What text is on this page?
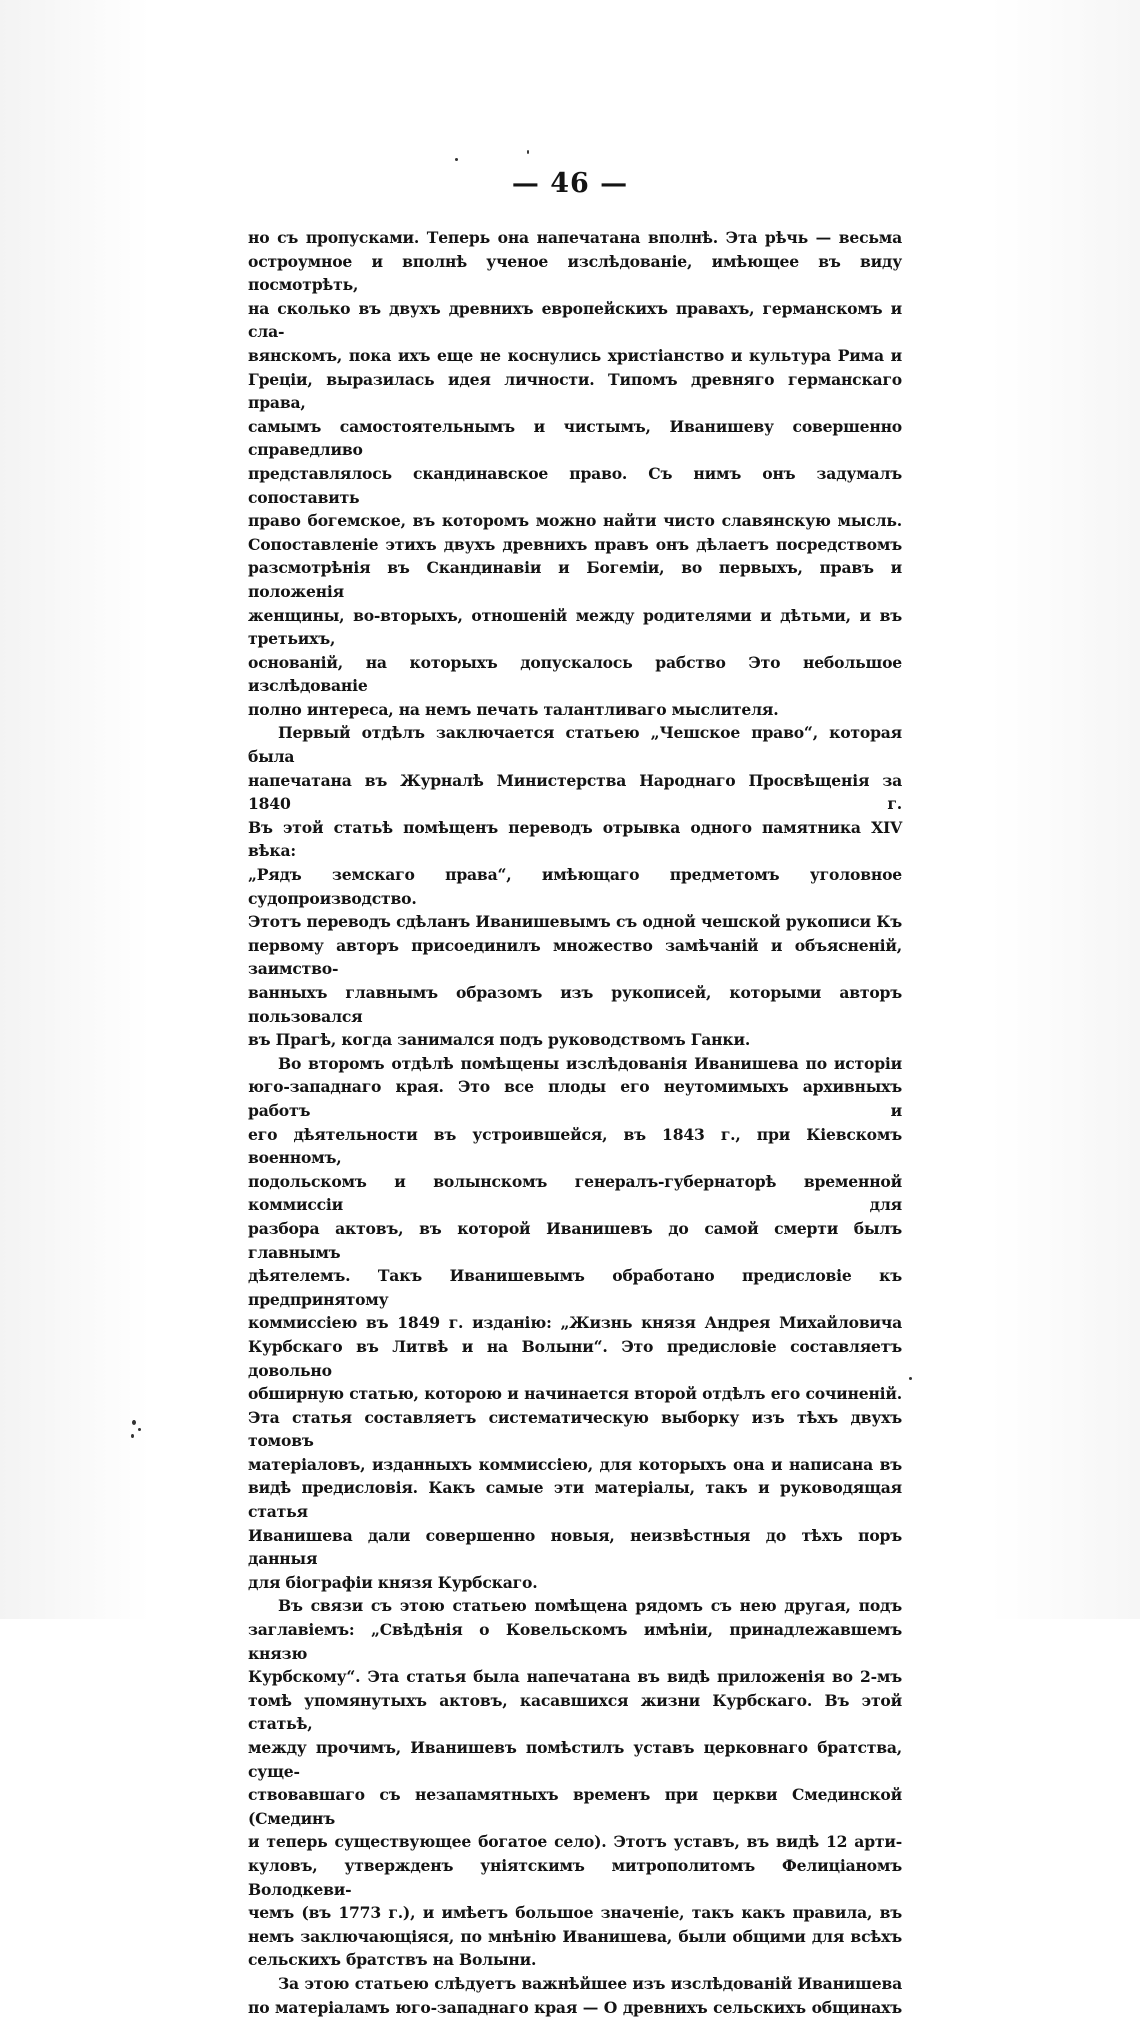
— 46 —

но съ пропусками. Теперь она напечатана вполнѣ. Эта рѣчь — весьма

остроумное и вполнѣ ученое изслѣдованіе, имѣющее въ виду посмотрѣть,

на сколько въ двухъ древнихъ европейскихъ правахъ, германскомъ и сла-

вянскомъ, пока ихъ еще не коснулись христіанство и культура Рима и

Греціи, выразилась идея личности. Типомъ древняго германскаго права,

самымъ самостоятельнымъ и чистымъ, Иванишеву совершенно справедливо

представлялось скандинавское право. Съ нимъ онъ задумалъ сопоставить

право богемское, въ которомъ можно найти чисто славянскую мысль.

Сопоставленіе этихъ двухъ древнихъ правъ онъ дѣлаетъ посредствомъ

разсмотрѣнія въ Скандинавіи и Богеміи, во первыхъ, правъ и положенія

женщины, во-вторыхъ, отношеній между родителями и дѣтьми, и въ третьихъ,

основаній, на которыхъ допускалось рабство Это небольшое изслѣдованіе

полно интереса, на немъ печать талантливаго мыслителя.

Первый отдѣлъ заключается статьею „Чешское право“, которая была

напечатана въ Журналѣ Министерства Народнаго Просвѣщенія за 1840 г.

Въ этой статьѣ помѣщенъ переводъ отрывка одного памятника XIV вѣка:

„Рядъ земскаго права“, имѣющаго предметомъ уголовное судопроизводство.

Этотъ переводъ сдѣланъ Иванишевымъ съ одной чешской рукописи Къ

первому авторъ присоединилъ множество замѣчаній и объясненій, заимство-

ванныхъ главнымъ образомъ изъ рукописей, которыми авторъ пользовался

въ Прагѣ, когда занимался подъ руководствомъ Ганки.

Во второмъ отдѣлѣ помѣщены изслѣдованія Иванишева по исторіи

юго-западнаго края. Это все плоды его неутомимыхъ архивныхъ работъ и

его дѣятельности въ устроившейся, въ 1843 г., при Кіевскомъ военномъ,

подольскомъ и волынскомъ генералъ-губернаторѣ временной коммиссіи для

разбора актовъ, въ которой Иванишевъ до самой смерти былъ главнымъ

дѣятелемъ. Такъ Иванишевымъ обработано предисловіе къ предпринятому

коммиссіею въ 1849 г. изданію: „Жизнь князя Андрея Михайловича

Курбскаго въ Литвѣ и на Волыни“. Это предисловіе составляетъ довольно

обширную статью, которою и начинается второй отдѣлъ его сочиненій.

Эта статья составляетъ систематическую выборку изъ тѣхъ двухъ томовъ

матеріаловъ, изданныхъ коммиссіею, для которыхъ она и написана въ

видѣ предисловія. Какъ самые эти матеріалы, такъ и руководящая статья

Иванишева дали совершенно новыя, неизвѣстныя до тѣхъ поръ данныя

для біографіи князя Курбскаго.

Въ связи съ этою статьею помѣщена рядомъ съ нею другая, подъ

заглавіемъ: „Свѣдѣнія о Ковельскомъ имѣніи, принадлежавшемъ князю

Курбскому“. Эта статья была напечатана въ видѣ приложенія во 2-мъ

томѣ упомянутыхъ актовъ, касавшихся жизни Курбскаго. Въ этой статьѣ,

между прочимъ, Иванишевъ помѣстилъ уставъ церковнаго братства, суще-

ствовавшаго съ незапамятныхъ временъ при церкви Смединской (Смединъ

и теперь существующее богатое село). Этотъ уставъ, въ видѣ 12 арти-

куловъ, утвержденъ уніятскимъ митрополитомъ Фелиціаномъ Володкеви-

чемъ (въ 1773 г.), и имѣетъ большое значеніе, такъ какъ правила, въ

немъ заключающіяся, по мнѣнію Иванишева, были общими для всѣхъ

сельскихъ братствъ на Волыни.

За этою статьею слѣдуетъ важнѣйшее изъ изслѣдованій Иванишева

по матеріаламъ юго-западнаго края — О древнихъ сельскихъ общинахъ
